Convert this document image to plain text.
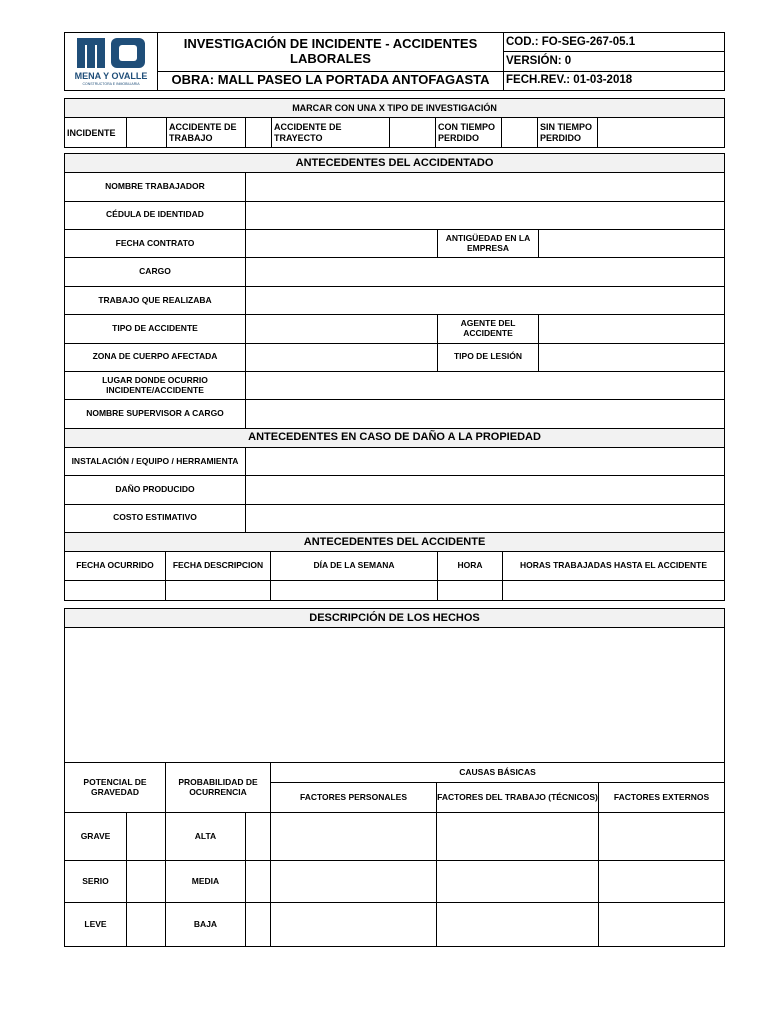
MENA Y OVALLE
CONSTRUCTORA E INMOBILIARIA	INVESTIGACIÓN DE INCIDENTE - ACCIDENTES LABORALES	COD.: FO-SEG-267-05.1
		VERSIÓN: 0
	OBRA: MALL PASEO LA PORTADA ANTOFAGASTA	FECH.REV.: 01-03-2018
MARCAR CON UNA X TIPO DE INVESTIGACIÓN
INCIDENTE		ACCIDENTE DE TRABAJO		ACCIDENTE DE TRAYECTO		CON TIEMPO PERDIDO		SIN TIEMPO PERDIDO	
ANTECEDENTES DEL ACCIDENTADO						
NOMBRE TRABAJADOR						
CÉDULA DE IDENTIDAD						
FECHA CONTRATO				ANTIGÜEDAD EN LA EMPRESA		
CARGO						
TRABAJO QUE REALIZABA						
TIPO DE ACCIDENTE				AGENTE DEL ACCIDENTE		
ZONA DE CUERPO AFECTADA				TIPO DE LESIÓN		
LUGAR DONDE OCURRIO INCIDENTE/ACCIDENTE						
NOMBRE SUPERVISOR A CARGO						
ANTECEDENTES EN CASO DE DAÑO A LA PROPIEDAD						
INSTALACIÓN / EQUIPO / HERRAMIENTA						
DAÑO PRODUCIDO						
COSTO ESTIMATIVO						
ANTECEDENTES DEL ACCIDENTE						
FECHA OCURRIDO	FECHA DESCRIPCION		DÍA DE LA SEMANA	HORA	HORAS TRABAJADAS HASTA EL ACCIDENTE	

DESCRIPCIÓN DE LOS HECHOS						

POTENCIAL DE GRAVEDAD		PROBABILIDAD DE OCURRENCIA		CAUSAS BÁSICAS		
				FACTORES PERSONALES	FACTORES DEL TRABAJO (TÉCNICOS)	FACTORES EXTERNOS
GRAVE		ALTA				
SERIO		MEDIA				
LEVE		BAJA				
